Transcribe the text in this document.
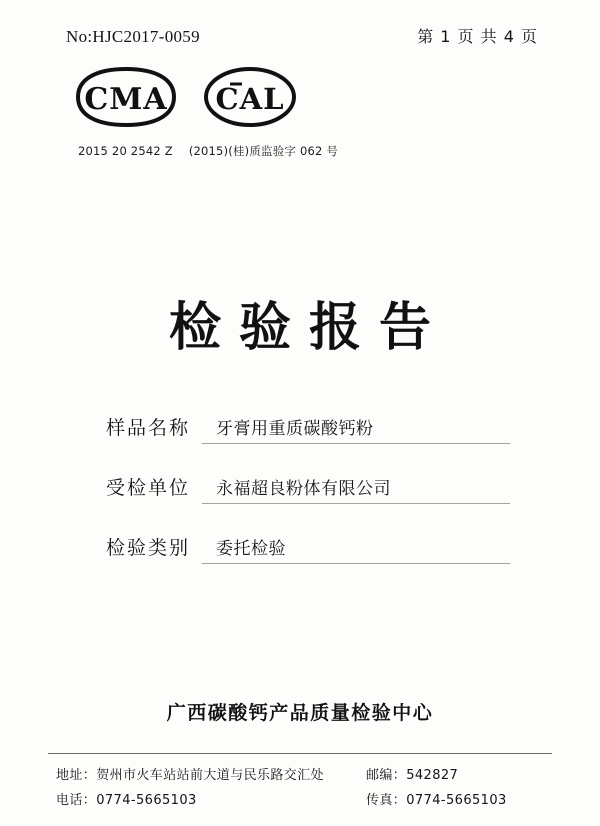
No:HJC2017-0059	第 1 页 共 4 页
CMA CAL
2015 20 2542 Z (2015)(桂)质监验字 062 号
检验报告
样品名称	牙膏用重质碳酸钙粉
受检单位	永福超良粉体有限公司
检验类别	委托检验
广西碳酸钙产品质量检验中心
地址：贺州市火车站站前大道与民乐路交汇处	邮编：542827
电话：0774-5665103	传真：0774-5665103
